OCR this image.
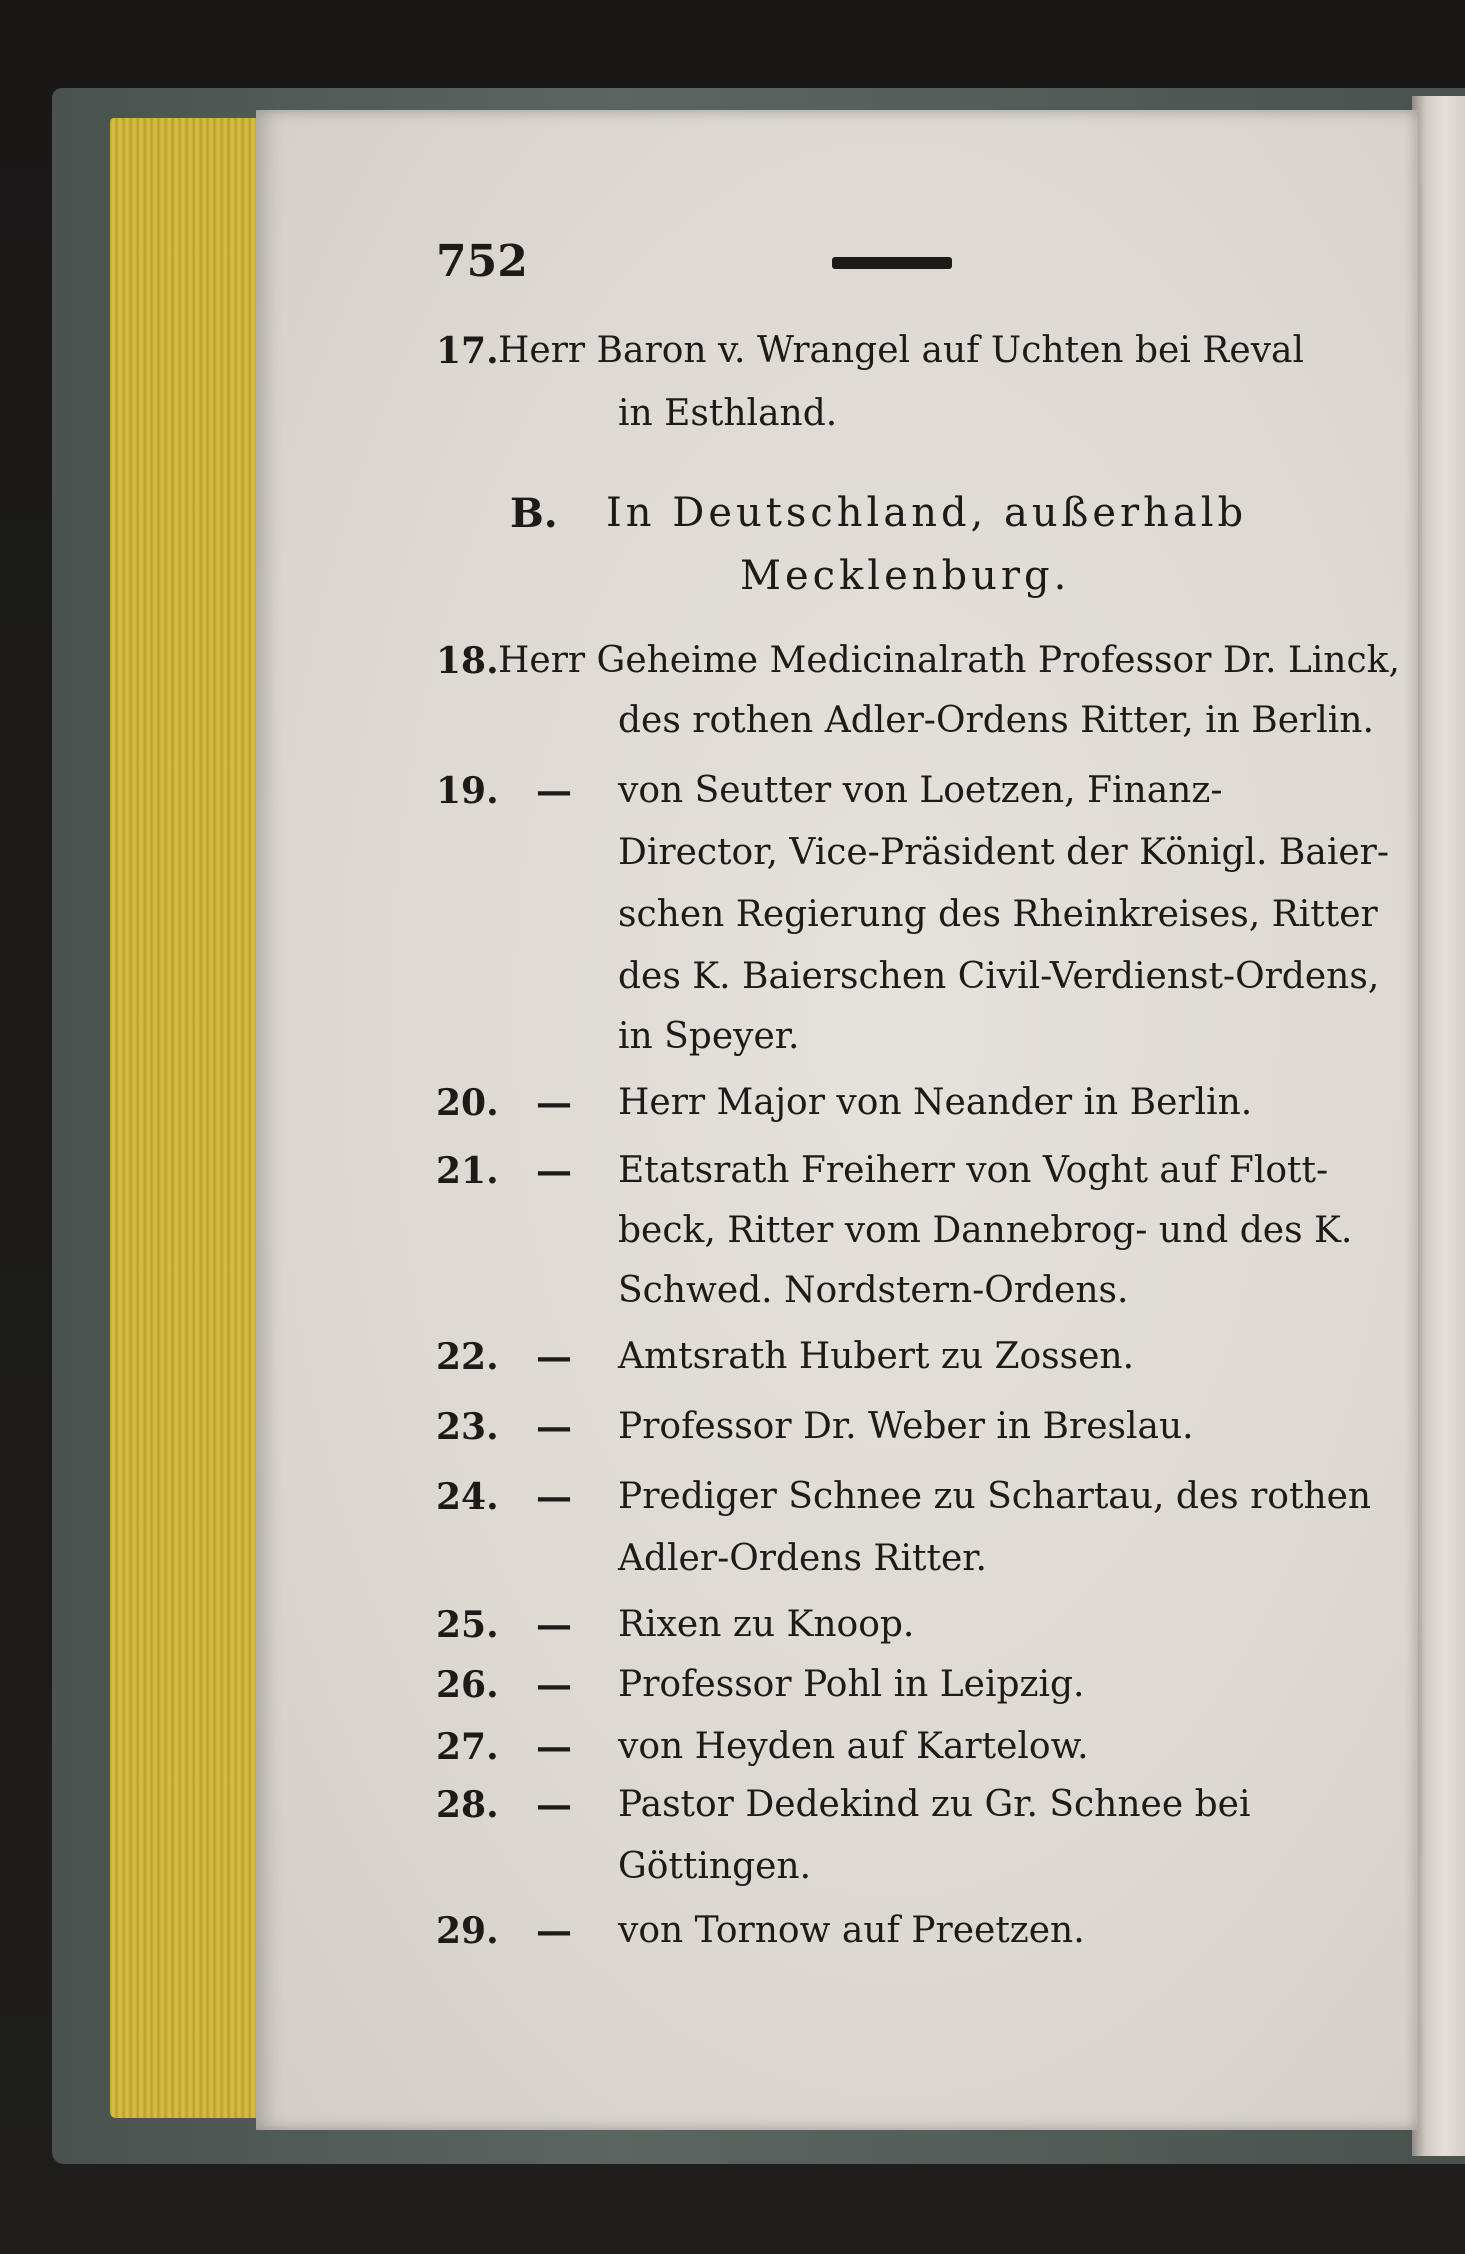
752
17. Herr Baron v. Wrangel auf Uchten bei Reval
in Esthland.
B. In Deutschland, außerhalb
Mecklenburg.
18. Herr Geheime Medicinalrath Professor Dr. Linck,
des rothen Adler-Ordens Ritter, in Berlin.
19. — von Seutter von Loetzen, Finanz-
Director, Vice-Präsident der Königl. Baier-
schen Regierung des Rheinkreises, Ritter
des K. Baierschen Civil-Verdienst-Ordens,
in Speyer.
20. — Herr Major von Neander in Berlin.
21. — Etatsrath Freiherr von Voght auf Flott-
beck, Ritter vom Dannebrog- und des K.
Schwed. Nordstern-Ordens.
22. — Amtsrath Hubert zu Zossen.
23. — Professor Dr. Weber in Breslau.
24. — Prediger Schnee zu Schartau, des rothen
Adler-Ordens Ritter.
25. — Rixen zu Knoop.
26. — Professor Pohl in Leipzig.
27. — von Heyden auf Kartelow.
28. — Pastor Dedekind zu Gr. Schnee bei
Göttingen.
29. — von Tornow auf Preetzen.
